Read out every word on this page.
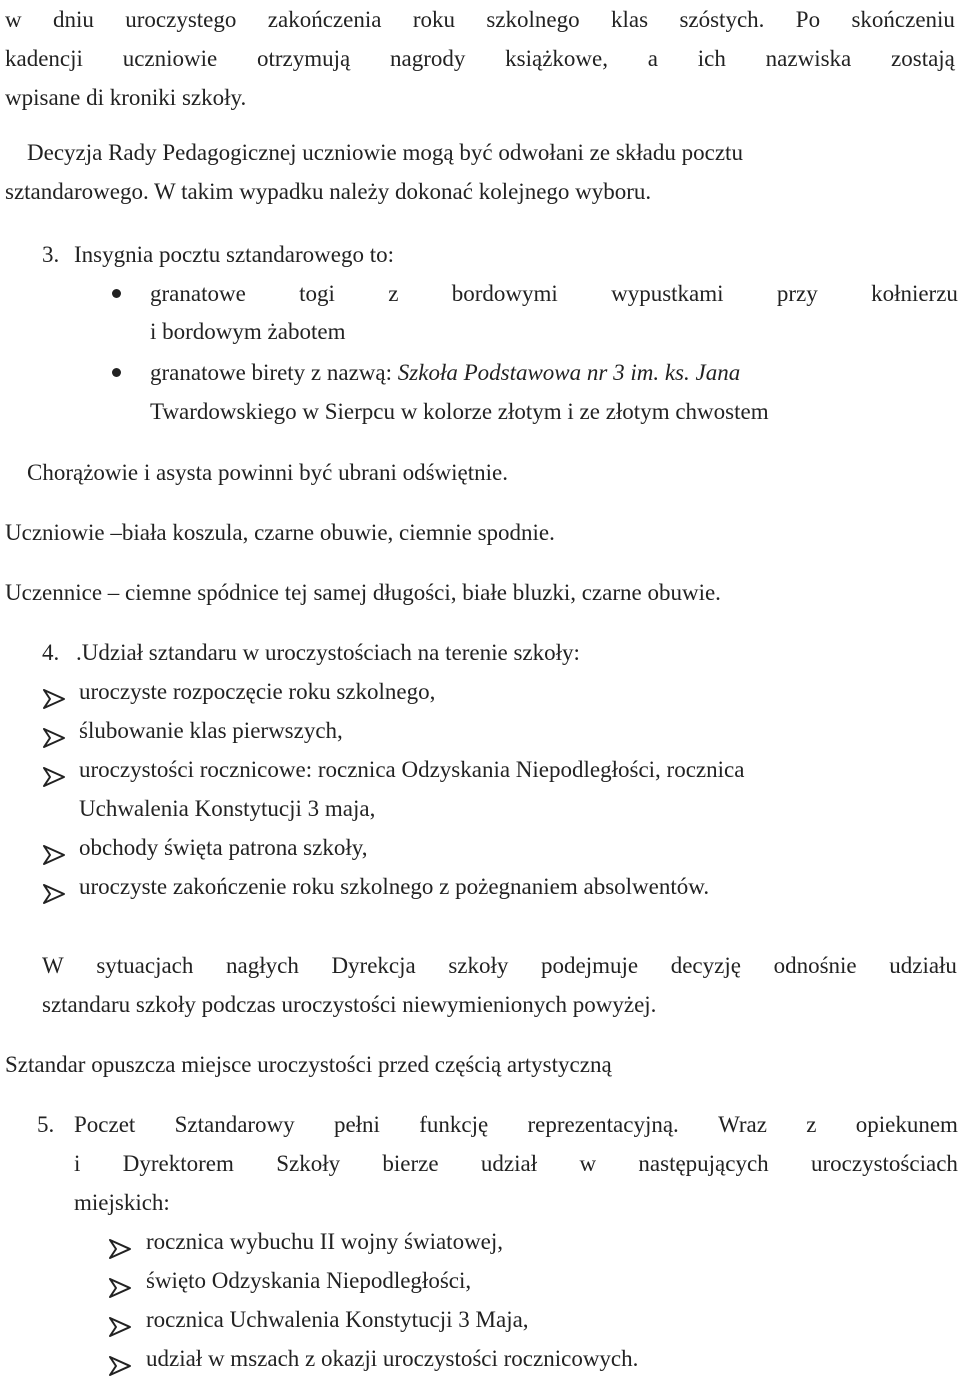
w dniu uroczystego zakończenia roku szkolnego klas szóstych. Po skończeniu
kadencji uczniowie otrzymują nagrody książkowe, a ich nazwiska zostają
wpisane di kroniki szkoły.
Decyzja Rady Pedagogicznej uczniowie mogą być odwołani ze składu pocztu
sztandarowego. W takim wypadku należy dokonać kolejnego wyboru.
3. Insygnia pocztu sztandarowego to:
granatowe togi z bordowymi wypustkami przy kołnierzu
i bordowym żabotem
granatowe birety z nazwą: Szkoła Podstawowa nr 3 im. ks. Jana
Twardowskiego w Sierpcu w kolorze złotym i ze złotym chwostem
Chorążowie i asysta powinni być ubrani odświętnie.
Uczniowie –biała koszula, czarne obuwie, ciemnie spodnie.
Uczennice – ciemne spódnice tej samej długości, białe bluzki, czarne obuwie.
4. .Udział sztandaru w uroczystościach na terenie szkoły:
uroczyste rozpoczęcie roku szkolnego,
ślubowanie klas pierwszych,
uroczystości rocznicowe: rocznica Odzyskania Niepodległości, rocznica
Uchwalenia Konstytucji 3 maja,
obchody święta patrona szkoły,
uroczyste zakończenie roku szkolnego z pożegnaniem absolwentów.
W sytuacjach nagłych Dyrekcja szkoły podejmuje decyzję odnośnie udziału
sztandaru szkoły podczas uroczystości niewymienionych powyżej.
Sztandar opuszcza miejsce uroczystości przed częścią artystyczną
5. Poczet Sztandarowy pełni funkcję reprezentacyjną. Wraz z opiekunem
i Dyrektorem Szkoły bierze udział w następujących uroczystościach
miejskich:
rocznica wybuchu II wojny światowej,
święto Odzyskania Niepodległości,
rocznica Uchwalenia Konstytucji 3 Maja,
udział w mszach z okazji uroczystości rocznicowych.
